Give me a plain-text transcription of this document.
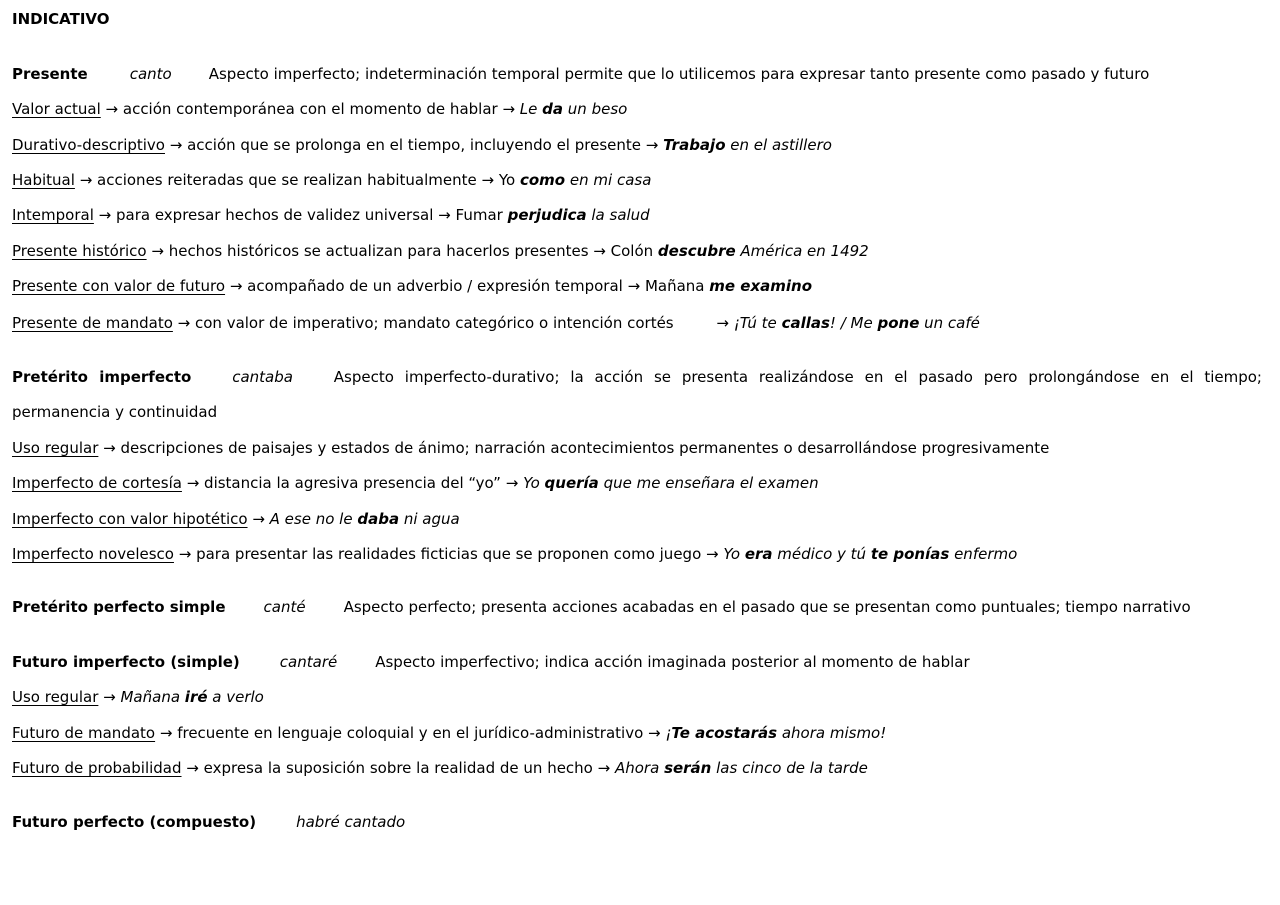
INDICATIVO
Presente	canto Aspecto imperfecto; indeterminación temporal permite que lo utilicemos para expresar tanto presente como pasado y futuro
Valor actual → acción contemporánea con el momento de hablar → Le da un beso
Durativo-descriptivo → acción que se prolonga en el tiempo, incluyendo el presente → Trabajo en el astillero
Habitual → acciones reiteradas que se realizan habitualmente → Yo como en mi casa
Intemporal → para expresar hechos de validez universal → Fumar perjudica la salud
Presente histórico → hechos históricos se actualizan para hacerlos presentes → Colón descubre América en 1492
Presente con valor de futuro → acompañado de un adverbio / expresión temporal → Mañana me examino
Presente de mandato → con valor de imperativo; mandato categórico o intención cortés	→ ¡Tú te callas! / Me pone un café
Pretérito imperfecto	cantaba	Aspecto imperfecto-durativo; la acción se presenta realizándose en el pasado pero prolongándose en el tiempo;
permanencia y continuidad
Uso regular → descripciones de paisajes y estados de ánimo; narración acontecimientos permanentes o desarrollándose progresivamente
Imperfecto de cortesía → distancia la agresiva presencia del “yo” → Yo quería que me enseñara el examen
Imperfecto con valor hipotético → A ese no le daba ni agua
Imperfecto novelesco → para presentar las realidades ficticias que se proponen como juego → Yo era médico y tú te ponías enfermo
Pretérito perfecto simple	canté	Aspecto perfecto; presenta acciones acabadas en el pasado que se presentan como puntuales; tiempo narrativo
Futuro imperfecto (simple)	cantaré	Aspecto imperfectivo; indica acción imaginada posterior al momento de hablar
Uso regular → Mañana iré a verlo
Futuro de mandato → frecuente en lenguaje coloquial y en el jurídico-administrativo → ¡Te acostarás ahora mismo!
Futuro de probabilidad → expresa la suposición sobre la realidad de un hecho → Ahora serán las cinco de la tarde
Futuro perfecto (compuesto)	habré cantado
